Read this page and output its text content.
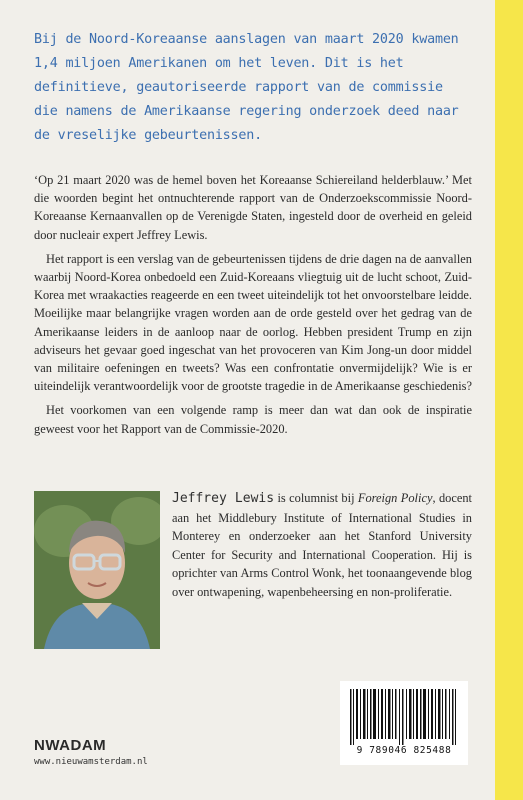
Bij de Noord-Koreaanse aanslagen van maart 2020 kwamen 1,4 miljoen Amerikanen om het leven. Dit is het definitieve, geautoriseerde rapport van de commissie die namens de Amerikaanse regering onderzoek deed naar de vreselijke gebeurtenissen.

‘Op 21 maart 2020 was de hemel boven het Koreaanse Schiereiland helderblauw.’ Met die woorden begint het ontnuchterende rapport van de Onderzoekscommissie Noord-Koreaanse Kernaanvallen op de Verenigde Staten, ingesteld door de overheid en geleid door nucleair expert Jeffrey Lewis.

Het rapport is een verslag van de gebeurtenissen tijdens de drie dagen na de aanvallen waarbij Noord-Korea onbedoeld een Zuid-Koreaans vliegtuig uit de lucht schoot, Zuid-Korea met wraakacties reageerde en een tweet uiteindelijk tot het onvoorstelbare leidde. Moeilijke maar belangrijke vragen worden aan de orde gesteld over het gedrag van de Amerikaanse leiders in de aanloop naar de oorlog. Hebben president Trump en zijn adviseurs het gevaar goed ingeschat van het provoceren van Kim Jong-un door middel van militaire oefeningen en tweets? Was een confrontatie onvermijdelijk? Wie is er uiteindelijk verantwoordelijk voor de grootste tragedie in de Amerikaanse geschiedenis?

Het voorkomen van een volgende ramp is meer dan wat dan ook de inspiratie geweest voor het Rapport van de Commissie-2020.

Jeffrey Lewis is columnist bij Foreign Policy, docent aan het Middlebury Institute of International Studies in Monterey en onderzoeker aan het Stanford University Center for Security and International Cooperation. Hij is oprichter van Arms Control Wonk, het toonaangevende blog over ontwapening, wapenbeheersing en non-proliferatie.
9 789046 825488
NWADAM
www.nieuwamsterdam.nl
